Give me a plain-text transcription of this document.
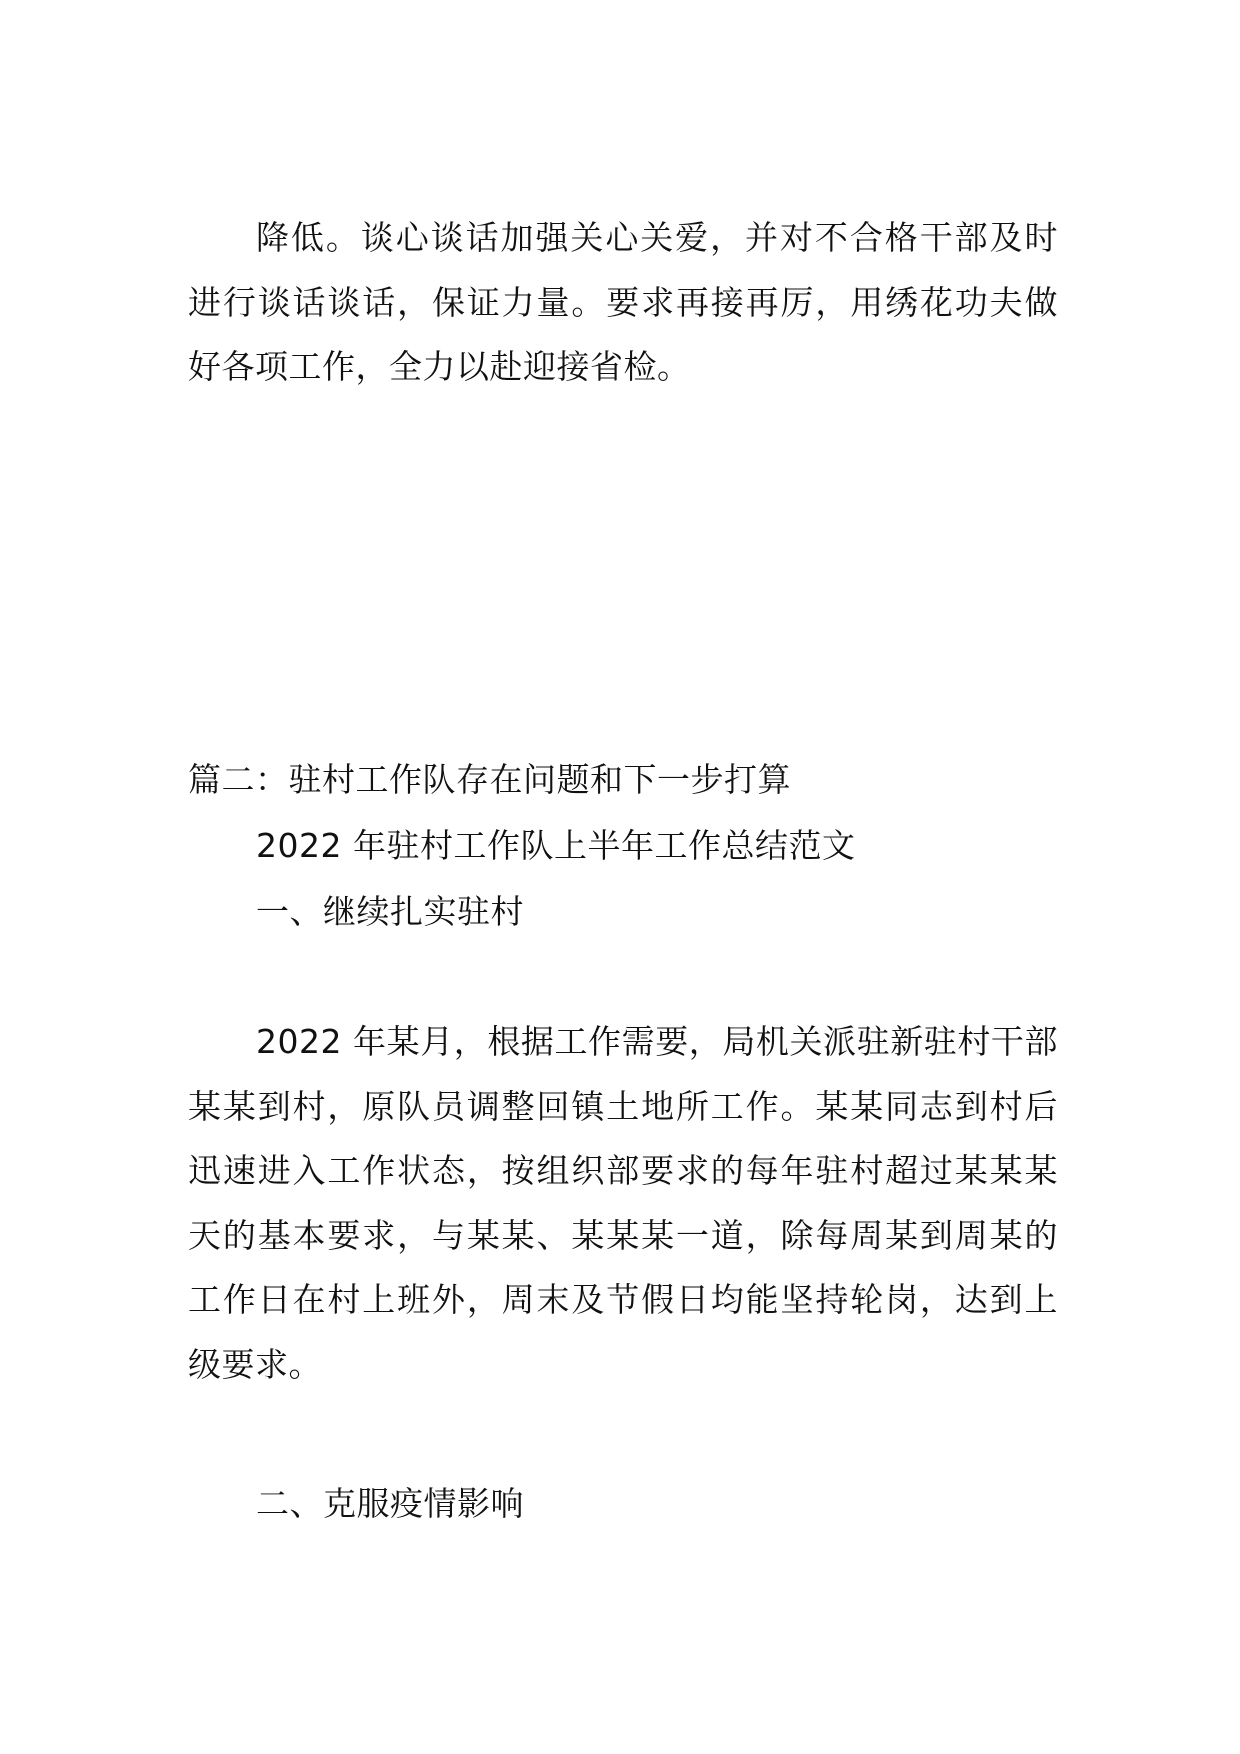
降低。谈心谈话加强关心关爱，并对不合格干部及时进行谈话谈话，保证力量。要求再接再厉，用绣花功夫做好各项工作，全力以赴迎接省检。

篇二：驻村工作队存在问题和下一步打算
2022 年驻村工作队上半年工作总结范文
一、继续扎实驻村

2022 年某月，根据工作需要，局机关派驻新驻村干部某某到村，原队员调整回镇土地所工作。某某同志到村后迅速进入工作状态，按组织部要求的每年驻村超过某某某天的基本要求，与某某、某某某一道，除每周某到周某的工作日在村上班外，周末及节假日均能坚持轮岗，达到上级要求。

二、克服疫情影响
